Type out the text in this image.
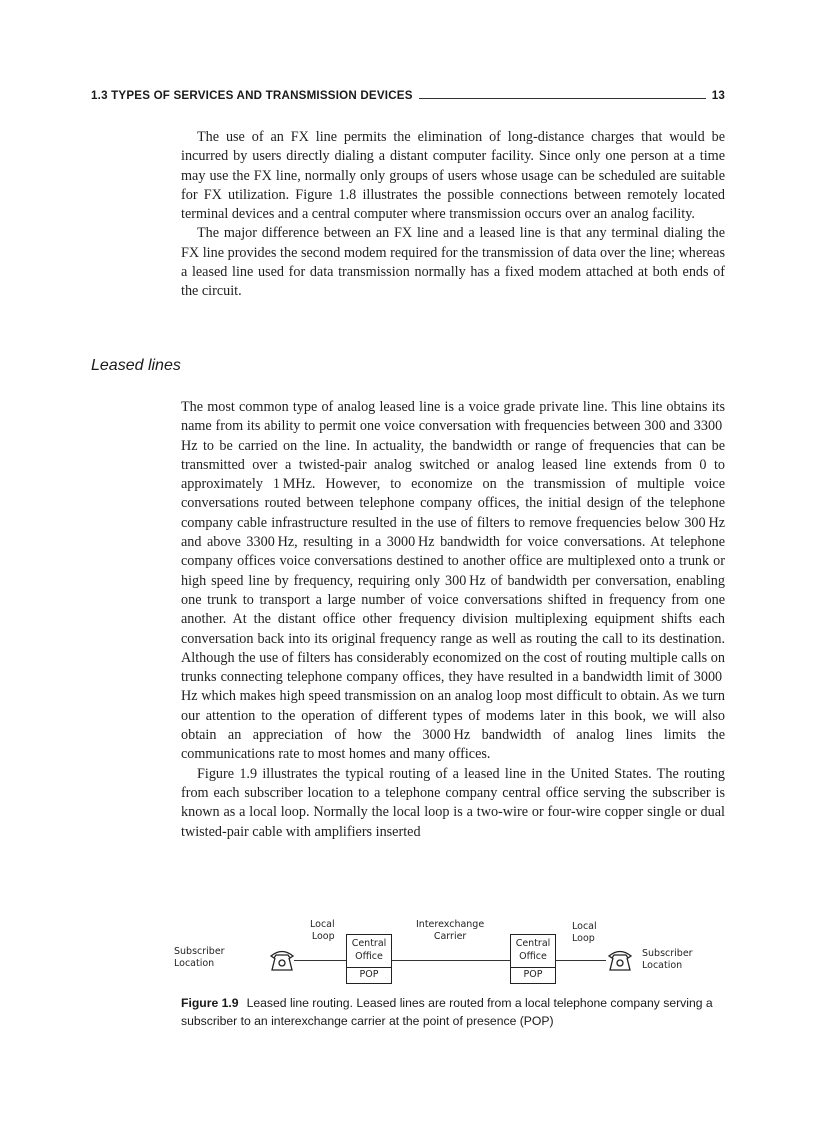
1.3 TYPES OF SERVICES AND TRANSMISSION DEVICES	13

The use of an FX line permits the elimination of long-distance charges that would be incurred by users directly dialing a distant computer facility. Since only one person at a time may use the FX line, normally only groups of users whose usage can be scheduled are suitable for FX utilization. Figure 1.8 illustrates the possible connections between remotely located terminal devices and a central computer where transmission occurs over an analog facility.

The major difference between an FX line and a leased line is that any terminal dialing the FX line provides the second modem required for the transmission of data over the line; whereas a leased line used for data transmission normally has a fixed modem attached at both ends of the circuit.

Leased lines

The most common type of analog leased line is a voice grade private line. This line obtains its name from its ability to permit one voice conversation with frequencies between 300 and 3300 Hz to be carried on the line. In actuality, the bandwidth or range of frequencies that can be transmitted over a twisted-pair analog switched or analog leased line extends from 0 to approximately 1 MHz. However, to economize on the transmission of multiple voice conversations routed between telephone company offices, the initial design of the telephone company cable infrastructure resulted in the use of filters to remove frequencies below 300 Hz and above 3300 Hz, resulting in a 3000 Hz bandwidth for voice conversations. At telephone company offices voice conversations destined to another office are multiplexed onto a trunk or high speed line by frequency, requiring only 300 Hz of bandwidth per conversation, enabling one trunk to transport a large number of voice conversations shifted in frequency from one another. At the distant office other frequency division multiplexing equipment shifts each conversation back into its original frequency range as well as routing the call to its destination. Although the use of filters has considerably economized on the cost of routing multiple calls on trunks connecting telephone company offices, they have resulted in a bandwidth limit of 3000 Hz which makes high speed transmission on an analog loop most difficult to obtain. As we turn our attention to the operation of different types of modems later in this book, we will also obtain an appreciation of how the 3000 Hz bandwidth of analog lines limits the communications rate to most homes and many offices.

Figure 1.9 illustrates the typical routing of a leased line in the United States. The routing from each subscriber location to a telephone company central office serving the subscriber is known as a local loop. Normally the local loop is a two-wire or four-wire copper single or dual twisted-pair cable with amplifiers inserted

Subscriber
Location
Local
Loop
Central
Office
POP
Interexchange
Carrier
Central
Office
POP
Local
Loop
Subscriber
Location
Figure 1.9 Leased line routing. Leased lines are routed from a local telephone company serving a subscriber to an interexchange carrier at the point of presence (POP)
